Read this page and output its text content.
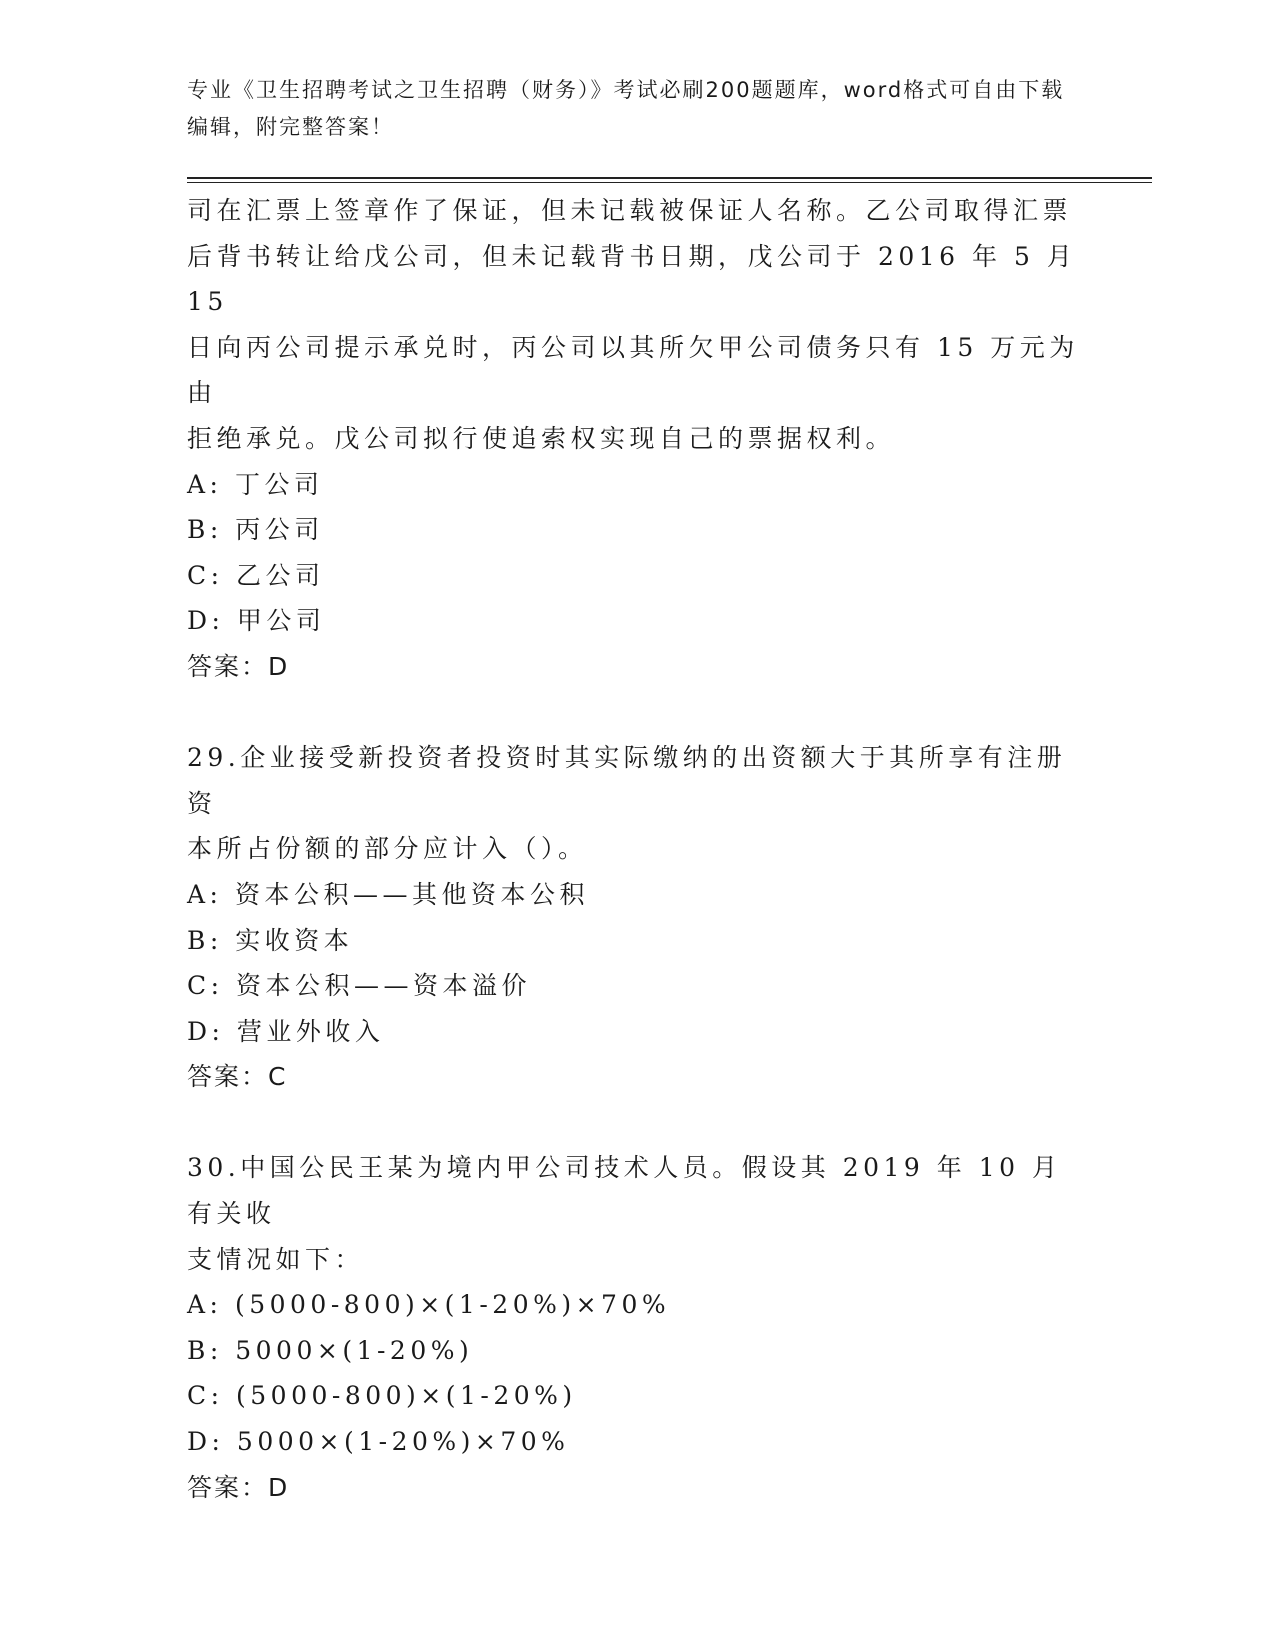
专业《卫生招聘考试之卫生招聘（财务）》考试必刷200题题库，word格式可自由下载编辑，附完整答案！

司在汇票上签章作了保证，但未记载被保证人名称。乙公司取得汇票

后背书转让给戊公司，但未记载背书日期，戊公司于 2016 年 5 月 15

日向丙公司提示承兑时，丙公司以其所欠甲公司债务只有 15 万元为由

拒绝承兑。戊公司拟行使追索权实现自己的票据权利。

A: 丁公司

B: 丙公司

C: 乙公司

D: 甲公司

答案：D

29.企业接受新投资者投资时其实际缴纳的出资额大于其所享有注册资

本所占份额的部分应计入（）。

A: 资本公积——其他资本公积

B: 实收资本

C: 资本公积——资本溢价

D: 营业外收入

答案：C

30.中国公民王某为境内甲公司技术人员。假设其 2019 年 10 月有关收

支情况如下：

A: (5000-800)×(1-20%)×70%

B: 5000×(1-20%)

C: (5000-800)×(1-20%)

D: 5000×(1-20%)×70%

答案：D
